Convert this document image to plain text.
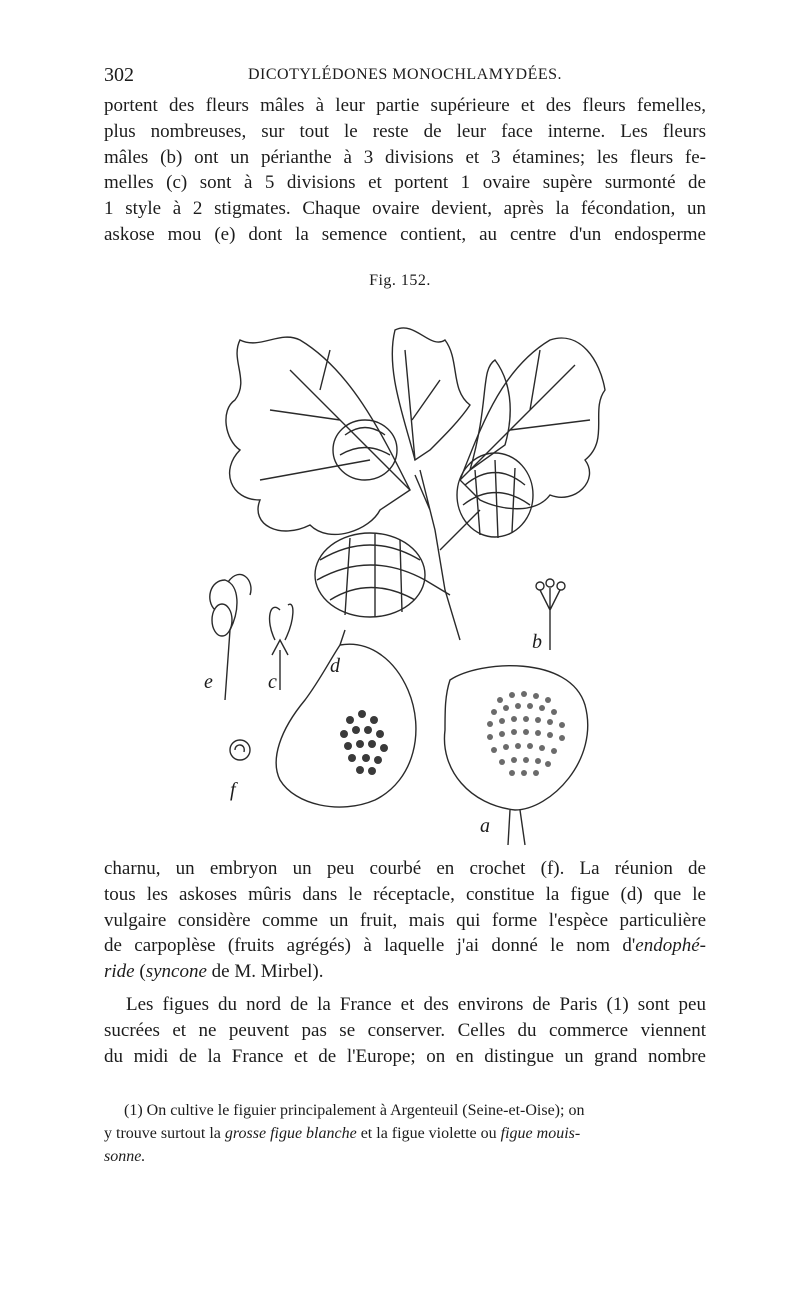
302	DICOTYLÉDONES MONOCHLAMYDÉES.
portent des fleurs mâles à leur partie supérieure et des fleurs femelles,
plus nombreuses, sur tout le reste de leur face interne. Les fleurs
mâles (b) ont un périanthe à 3 divisions et 3 étamines; les fleurs fe-
melles (c) sont à 5 divisions et portent 1 ovaire supère surmonté de
1 style à 2 stigmates. Chaque ovaire devient, après la fécondation, un
askose mou (e) dont la semence contient, au centre d'un endosperme
Fig. 152.
e	c
d
b
f
a
charnu, un embryon un peu courbé en crochet (f). La réunion de
tous les askoses mûris dans le réceptacle, constitue la figue (d) que le
vulgaire considère comme un fruit, mais qui forme l'espèce particulière
de carpoplèse (fruits agrégés) à laquelle j'ai donné le nom d'endophé-
ride (syncone de M. Mirbel).
Les figues du nord de la France et des environs de Paris (1) sont peu
sucrées et ne peuvent pas se conserver. Celles du commerce viennent
du midi de la France et de l'Europe; on en distingue un grand nombre
(1) On cultive le figuier principalement à Argenteuil (Seine-et-Oise); on
y trouve surtout la grosse figue blanche et la figue violette ou figue mouis-
sonne.
